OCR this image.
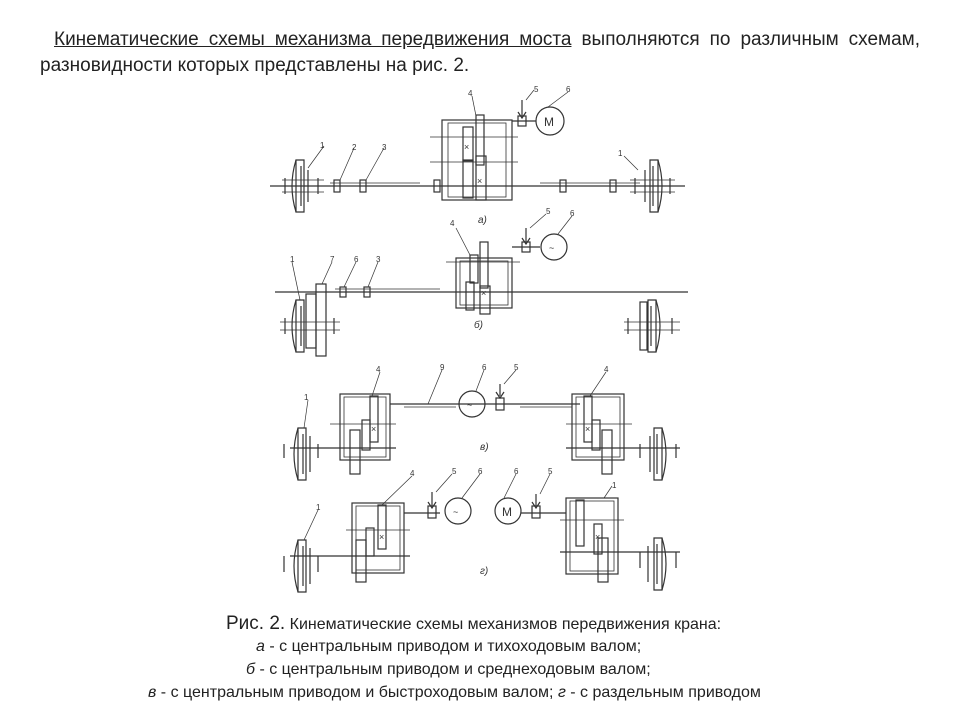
Кинематические схемы механизма передвижения моста выполняются по различным схемам, разновидности которых представлены на рис. 2.
×
×
M
1	2	3
4	5	6
1
а)
×
~
1	7 6 3
4
5 6
б)
~
×	×
4	9	6	5	4
1
в)
×
~	M
×
4	5	6	6	5
1
1
г)
Рис. 2. Кинематические схемы механизмов передвижения крана:
а - с центральным приводом и тихоходовым валом;
б - с центральным приводом и среднеходовым валом;
в - с центральным приводом и быстроходовым валом; г - с раздельным приводом
